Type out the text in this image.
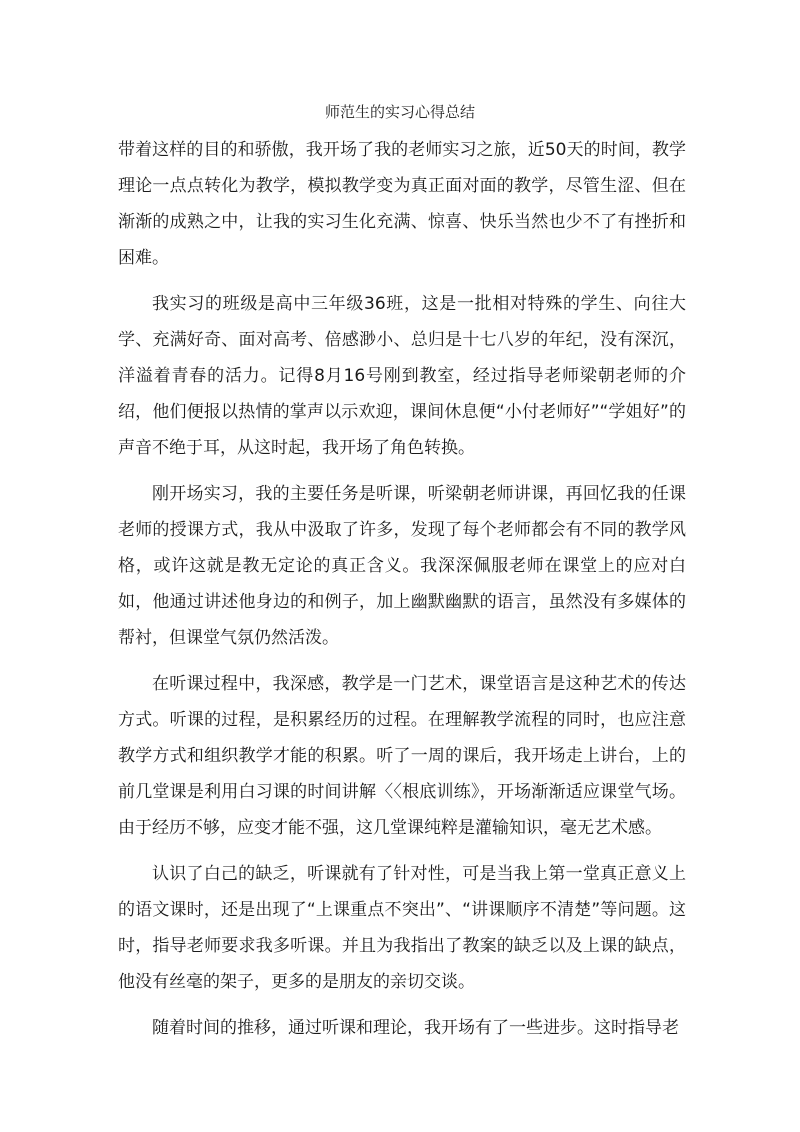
师范生的实习心得总结

带着这样的目的和骄傲，我开场了我的老师实习之旅，近50天的时间，教学理论一点点转化为教学，模拟教学变为真正面对面的教学，尽管生涩、但在渐渐的成熟之中，让我的实习生化充满、惊喜、快乐当然也少不了有挫折和困难。

我实习的班级是高中三年级36班，这是一批相对特殊的学生、向往大学、充满好奇、面对高考、倍感渺小、总归是十七八岁的年纪，没有深沉，洋溢着青春的活力。记得8月16号刚到教室，经过指导老师梁朝老师的介绍，他们便报以热情的掌声以示欢迎，课间休息便“小付老师好”“学姐好”的声音不绝于耳，从这时起，我开场了角色转换。

刚开场实习，我的主要任务是听课，听梁朝老师讲课，再回忆我的任课老师的授课方式，我从中汲取了许多，发现了每个老师都会有不同的教学风格，或许这就是教无定论的真正含义。我深深佩服老师在课堂上的应对白如，他通过讲述他身边的和例子，加上幽默幽默的语言，虽然没有多媒体的帮衬，但课堂气氛仍然活泼。

在听课过程中，我深感，教学是一门艺术，课堂语言是这种艺术的传达方式。听课的过程，是积累经历的过程。在理解教学流程的同时，也应注意教学方式和组织教学才能的积累。听了一周的课后，我开场走上讲台，上的前几堂课是利用白习课的时间讲解〈〈根底训练》，开场渐渐适应课堂气场。由于经历不够，应变才能不强，这几堂课纯粹是灌输知识，毫无艺术感。

认识了白己的缺乏，听课就有了针对性，可是当我上第一堂真正意义上的语文课时，还是出现了“上课重点不突出”、“讲课顺序不清楚”等问题。这时，指导老师要求我多听课。并且为我指出了教案的缺乏以及上课的缺点，他没有丝毫的架子，更多的是朋友的亲切交谈。

随着时间的推移，通过听课和理论，我开场有了一些进步。这时指导老
